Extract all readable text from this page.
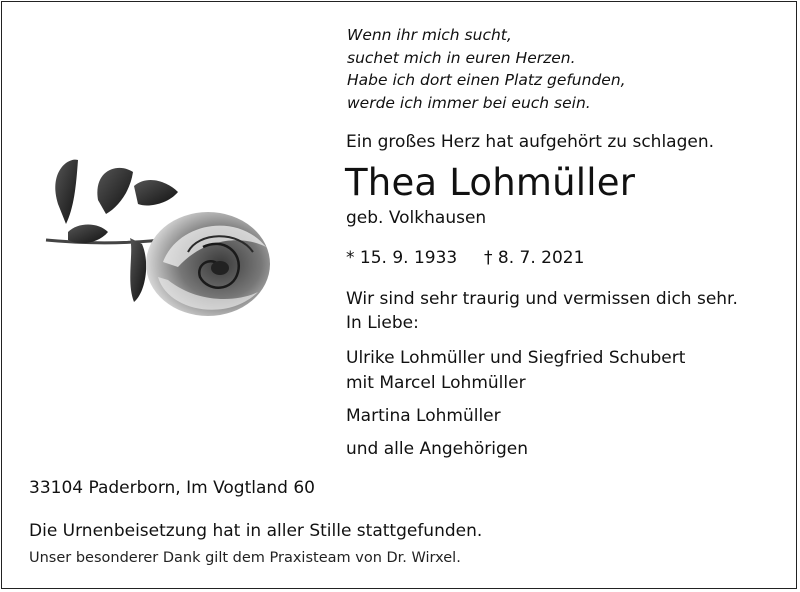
Wenn ihr mich sucht,
suchet mich in euren Herzen.
Habe ich dort einen Platz gefunden,
werde ich immer bei euch sein.
Ein großes Herz hat aufgehört zu schlagen.
Thea Lohmüller
geb. Volkhausen
* 15. 9. 1933 † 8. 7. 2021
Wir sind sehr traurig und vermissen dich sehr.
In Liebe:
Ulrike Lohmüller und Siegfried Schubert
mit Marcel Lohmüller
Martina Lohmüller
und alle Angehörigen
33104 Paderborn, Im Vogtland 60
Die Urnenbeisetzung hat in aller Stille stattgefunden.
Unser besonderer Dank gilt dem Praxisteam von Dr. Wirxel.
